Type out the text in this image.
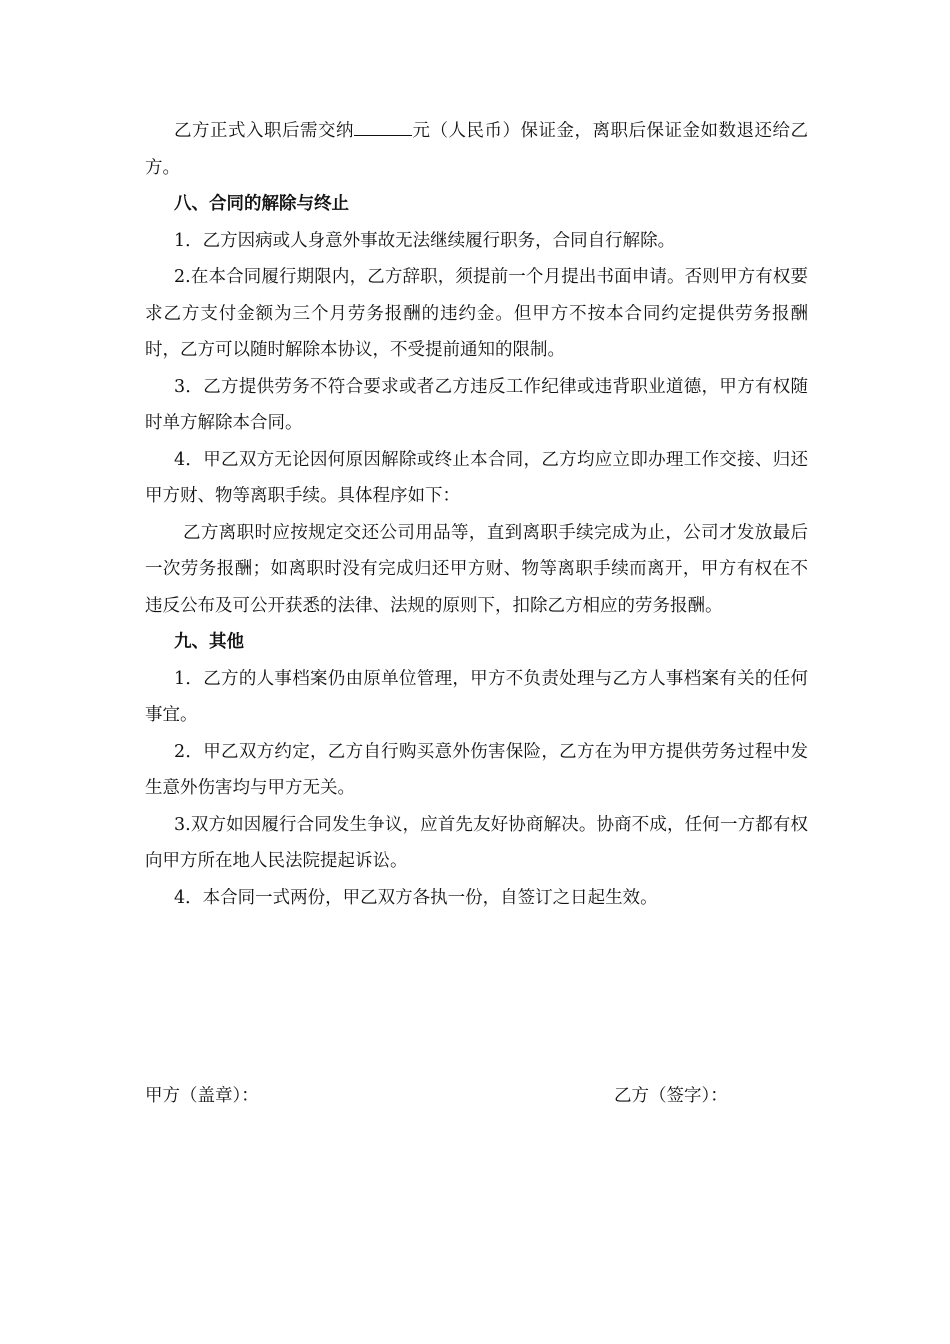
乙方正式入职后需交纳	元（人民币）保证金，离职后保证金如数退还给乙方。

八、合同的解除与终止

1．乙方因病或人身意外事故无法继续履行职务，合同自行解除。

2.在本合同履行期限内，乙方辞职，须提前一个月提出书面申请。否则甲方有权要求乙方支付金额为三个月劳务报酬的违约金。但甲方不按本合同约定提供劳务报酬时，乙方可以随时解除本协议，不受提前通知的限制。

3．乙方提供劳务不符合要求或者乙方违反工作纪律或违背职业道德，甲方有权随时单方解除本合同。

4．甲乙双方无论因何原因解除或终止本合同，乙方均应立即办理工作交接、归还甲方财、物等离职手续。具体程序如下：

乙方离职时应按规定交还公司用品等，直到离职手续完成为止，公司才发放最后一次劳务报酬；如离职时没有完成归还甲方财、物等离职手续而离开，甲方有权在不违反公布及可公开获悉的法律、法规的原则下，扣除乙方相应的劳务报酬。

九、其他

1．乙方的人事档案仍由原单位管理，甲方不负责处理与乙方人事档案有关的任何事宜。

2．甲乙双方约定，乙方自行购买意外伤害保险，乙方在为甲方提供劳务过程中发生意外伤害均与甲方无关。

3.双方如因履行合同发生争议，应首先友好协商解决。协商不成，任何一方都有权向甲方所在地人民法院提起诉讼。

4．本合同一式两份，甲乙双方各执一份，自签订之日起生效。

甲方（盖章）：	乙方（签字）：
